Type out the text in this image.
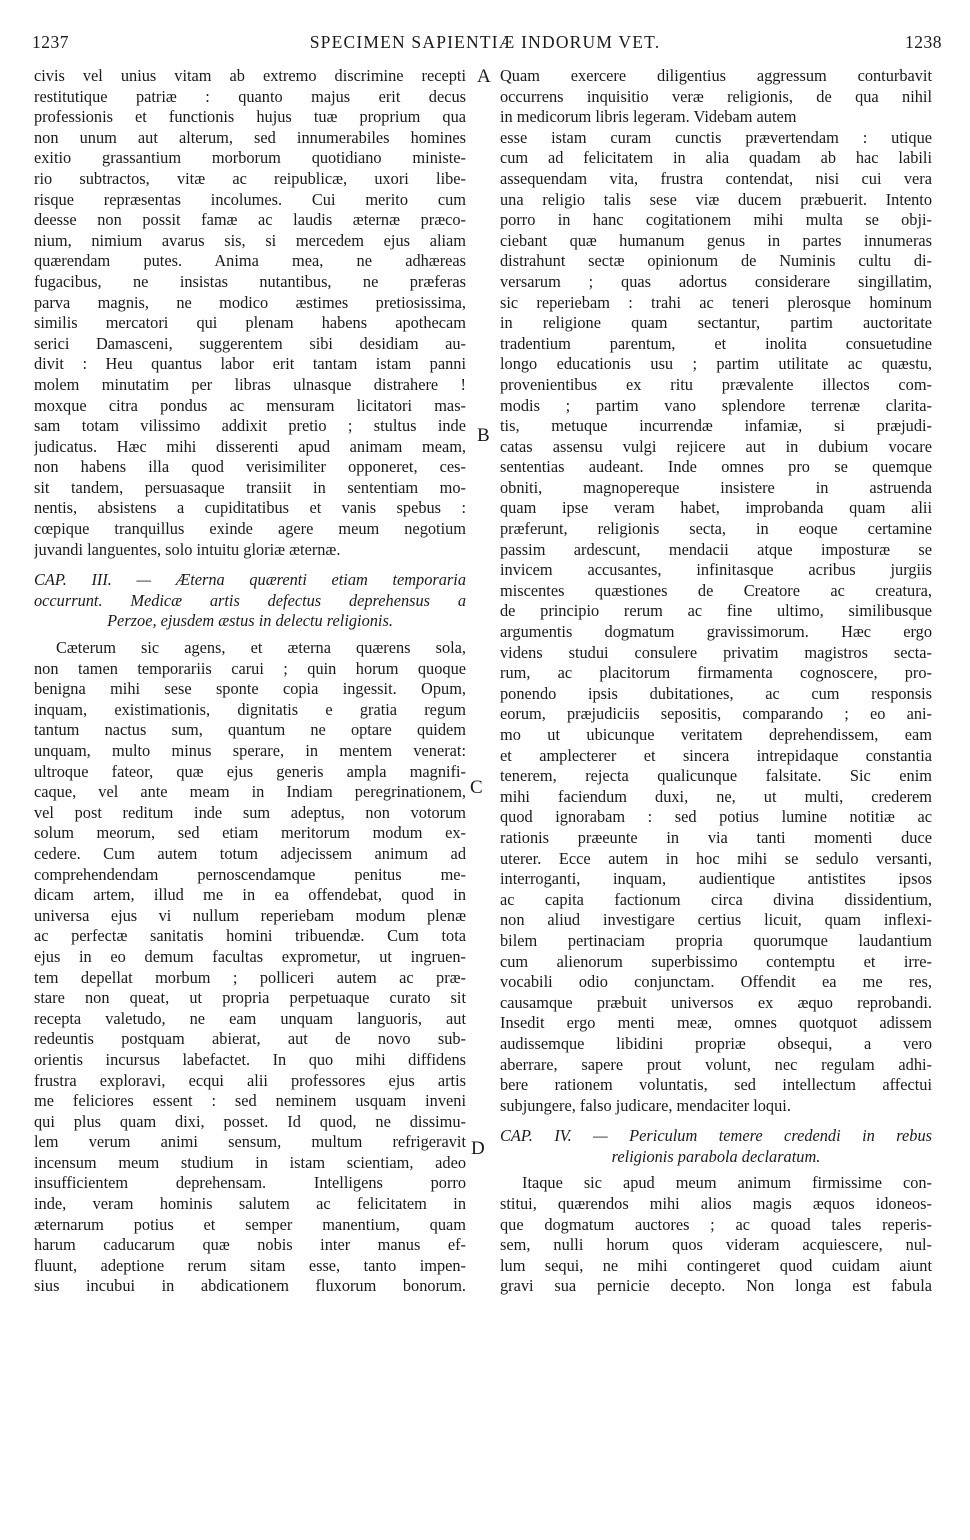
1237	SPECIMEN SAPIENTIÆ INDORUM VET.	1238
civis vel unius vitam ab extremo discrimine recepti
restitutique patriæ : quanto majus erit decus
professionis et functionis hujus tuæ proprium qua
non unum aut alterum, sed innumerabiles homines
exitio grassantium morborum quotidiano ministe-
rio subtractos, vitæ ac reipublicæ, uxori libe-
risque repræsentas incolumes. Cui merito cum
deesse non possit famæ ac laudis æternæ præco-
nium, nimium avarus sis, si mercedem ejus aliam
quærendam putes. Anima mea, ne adhæreas
fugacibus, ne insistas nutantibus, ne præferas
parva magnis, ne modico æstimes pretiosissima,
similis mercatori qui plenam habens apothecam
serici Damasceni, suggerentem sibi desidiam au-
divit : Heu quantus labor erit tantam istam panni
molem minutatim per libras ulnasque distrahere !
moxque citra pondus ac mensuram licitatori mas-
sam totam vilissimo addixit pretio ; stultus inde
judicatus. Hæc mihi disserenti apud animam meam,
non habens illa quod verisimiliter opponeret, ces-
sit tandem, persuasaque transiit in sententiam mo-
nentis, absistens a cupiditatibus et vanis spebus :
cœpique tranquillus exinde agere meum negotium
juvandi languentes, solo intuitu gloriæ æternæ.
CAP. III. — Æterna quærenti etiam temporaria
occurrunt. Medicæ artis defectus deprehensus a
Perzoe, ejusdem æstus in delectu religionis.
Cæterum sic agens, et æterna quærens sola,
non tamen temporariis carui ; quin horum quoque
benigna mihi sese sponte copia ingessit. Opum,
inquam, existimationis, dignitatis e gratia regum
tantum nactus sum, quantum ne optare quidem
unquam, multo minus sperare, in mentem venerat:
ultroque fateor, quæ ejus generis ampla magnifi-
caque, vel ante meam in Indiam peregrinationem,
vel post reditum inde sum adeptus, non votorum
solum meorum, sed etiam meritorum modum ex-
cedere. Cum autem totum adjecissem animum ad
comprehendendam pernoscendamque penitus me-
dicam artem, illud me in ea offendebat, quod in
universa ejus vi nullum reperiebam modum plenæ
ac perfectæ sanitatis homini tribuendæ. Cum tota
ejus in eo demum facultas exprometur, ut ingruen-
tem depellat morbum ; polliceri autem ac præ-
stare non queat, ut propria perpetuaque curato sit
recepta valetudo, ne eam unquam languoris, aut
redeuntis postquam abierat, aut de novo sub-
orientis incursus labefactet. In quo mihi diffidens
frustra exploravi, ecqui alii professores ejus artis
me feliciores essent : sed neminem usquam inveni
qui plus quam dixi, posset. Id quod, ne dissimu-
lem verum animi sensum, multum refrigeravit
incensum meum studium in istam scientiam, adeo
insufficientem deprehensam. Intelligens porro
inde, veram hominis salutem ac felicitatem in
æternarum potius et semper manentium, quam
harum caducarum quæ nobis inter manus ef-
fluunt, adeptione rerum sitam esse, tanto impen-
sius incubui in abdicationem fluxorum bonorum.
Quam exercere diligentius aggressum conturbavit
occurrens inquisitio veræ religionis, de qua nihil
in medicorum libris legeram. Videbam autem
esse istam curam cunctis prævertendam : utique
cum ad felicitatem in alia quadam ab hac labili
assequendam vita, frustra contendat, nisi cui vera
una religio talis sese viæ ducem præbuerit. Intento
porro in hanc cogitationem mihi multa se obji-
ciebant quæ humanum genus in partes innumeras
distrahunt sectæ opinionum de Numinis cultu di-
versarum ; quas adortus considerare singillatim,
sic reperiebam : trahi ac teneri plerosque hominum
in religione quam sectantur, partim auctoritate
tradentium parentum, et inolita consuetudine
longo educationis usu ; partim utilitate ac quæstu,
provenientibus ex ritu prævalente illectos com-
modis ; partim vano splendore terrenæ clarita-
tis, metuque incurrendæ infamiæ, si præjudi-
catas assensu vulgi rejicere aut in dubium vocare
sententias audeant. Inde omnes pro se quemque
obniti, magnopereque insistere in astruenda
quam ipse veram habet, improbanda quam alii
præferunt, religionis secta, in eoque certamine
passim ardescunt, mendacii atque imposturæ se
invicem accusantes, infinitasque acribus jurgiis
miscentes quæstiones de Creatore ac creatura,
de principio rerum ac fine ultimo, similibusque
argumentis dogmatum gravissimorum. Hæc ergo
videns studui consulere privatim magistros secta-
rum, ac placitorum firmamenta cognoscere, pro-
ponendo ipsis dubitationes, ac cum responsis
eorum, præjudiciis sepositis, comparando ; eo ani-
mo ut ubicunque veritatem deprehendissem, eam
et amplecterer et sincera intrepidaque constantia
tenerem, rejecta qualicunque falsitate. Sic enim
mihi faciendum duxi, ne, ut multi, crederem
quod ignorabam : sed potius lumine notitiæ ac
rationis præeunte in via tanti momenti duce
uterer. Ecce autem in hoc mihi se sedulo versanti,
interroganti, inquam, audientique antistites ipsos
ac capita factionum circa divina dissidentium,
non aliud investigare certius licuit, quam inflexi-
bilem pertinaciam propria quorumque laudantium
cum alienorum superbissimo contemptu et irre-
vocabili odio conjunctam. Offendit ea me res,
causamque præbuit universos ex æquo reprobandi.
Insedit ergo menti meæ, omnes quotquot adissem
audissemque libidini propriæ obsequi, a vero
aberrare, sapere prout volunt, nec regulam adhi-
bere rationem voluntatis, sed intellectum affectui
subjungere, falso judicare, mendaciter loqui.
CAP. IV. — Periculum temere credendi in rebus
religionis parabola declaratum.
Itaque sic apud meum animum firmissime con-
stitui, quærendos mihi alios magis æquos idoneos-
que dogmatum auctores ; ac quoad tales reperis-
sem, nulli horum quos videram acquiescere, nul-
lum sequi, ne mihi contingeret quod cuidam aiunt
gravi sua pernicie decepto. Non longa est fabula
A
B
C
D
